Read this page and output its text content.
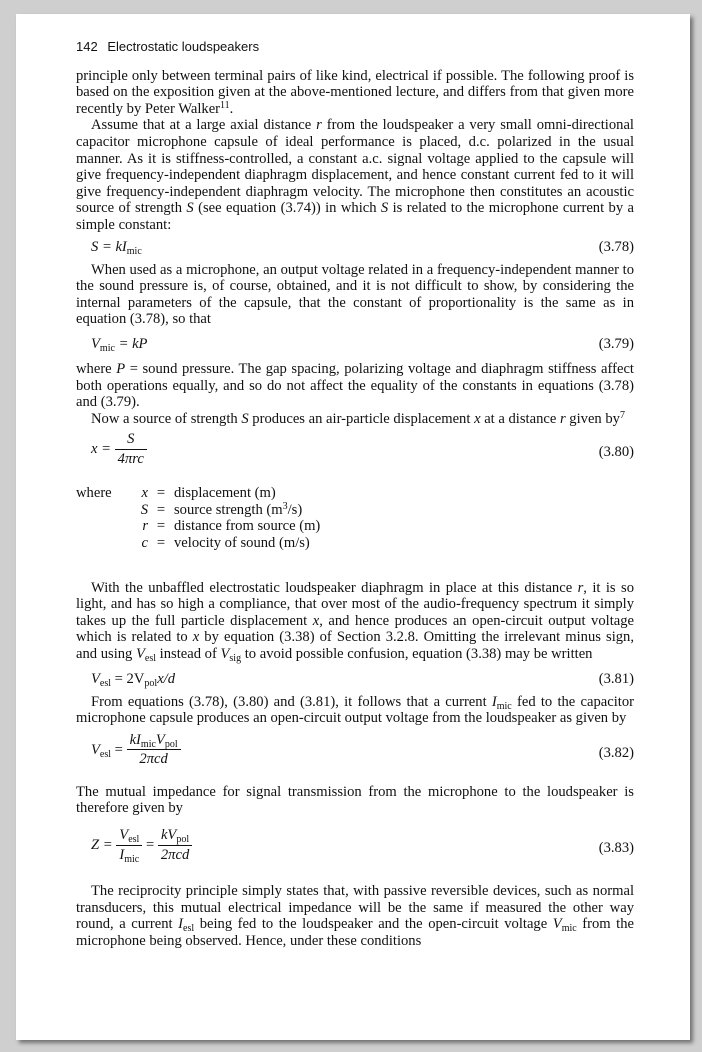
142 Electrostatic loudspeakers

principle only between terminal pairs of like kind, electrical if possible. The following proof is based on the exposition given at the above-mentioned lecture, and differs from that given more recently by Peter Walker$^{11}$.

Assume that at a large axial distance r from the loudspeaker a very small omni-directional capacitor microphone capsule of ideal performance is placed, d.c. polarized in the usual manner. As it is stiffness-controlled, a constant a.c. signal voltage applied to the capsule will give frequency-independent diaphragm displacement, and hence constant current fed to it will give frequency-independent diaphragm velocity. The microphone then constitutes an acoustic source of strength S (see equation (3.74)) in which S is related to the microphone current by a simple constant:

$S = kI_{mic}$	(3.78)

When used as a microphone, an output voltage related in a frequency-independent manner to the sound pressure is, of course, obtained, and it is not difficult to show, by considering the internal parameters of the capsule, that the constant of proportionality is the same as in equation (3.78), so that

$V_{mic}$ = kP	(3.79)

where P = sound pressure. The gap spacing, polarizing voltage and diaphragm stiffness affect both operations equally, and so do not affect the equality of the constants in equations (3.78) and (3.79).

Now a source of strength S produces an air-particle displacement x at a distance r given $by^7$

$x = \frac{S}{\text{4πrc}}$	(3.80)
where	x	=	displacement (m)
	S	=	source strength $(m^3/s)$
	r	=	distance from source (m)
	c	=	velocity of sound (m/s)

With the unbaffled electrostatic loudspeaker diaphragm in place at this distance r, it is so light, and has so high a compliance, that over most of the audio-frequency spectrum it simply takes up the full particle displacement x, and hence produces an open-circuit output voltage which is related to x by equation (3.38) of Section 3.2.8. Omitting the irrelevant minus sign, and using $V_{esl}$ instead of $V_{sig}$ to avoid possible confusion, equation (3.38) may be written

$V_{esl} = 2V_{pol}x/d$	(3.81)

From equations (3.78), (3.80) and (3.81), it follows that a current $I_{mic}$ fed to the capacitor microphone capsule produces an open-circuit output voltage from the loudspeaker as given by

$V_{esl} = \frac{kI_{mic}V_{pol}}{\text{2πcd}}$	(3.82)

The mutual impedance for signal transmission from the microphone to the loudspeaker is therefore given by

$Z = \frac{V_{esl}}{I_{mic}} = \frac{kV_{pol}}{\text{2πcd}}$	(3.83)

The reciprocity principle simply states that, with passive reversible devices, such as normal transducers, this mutual electrical impedance will be the same if measured the other way round, a current $I_{esl}$ being fed to the loudspeaker and the open-circuit voltage $V_{mic}$ from the microphone being observed. Hence, under these conditions
